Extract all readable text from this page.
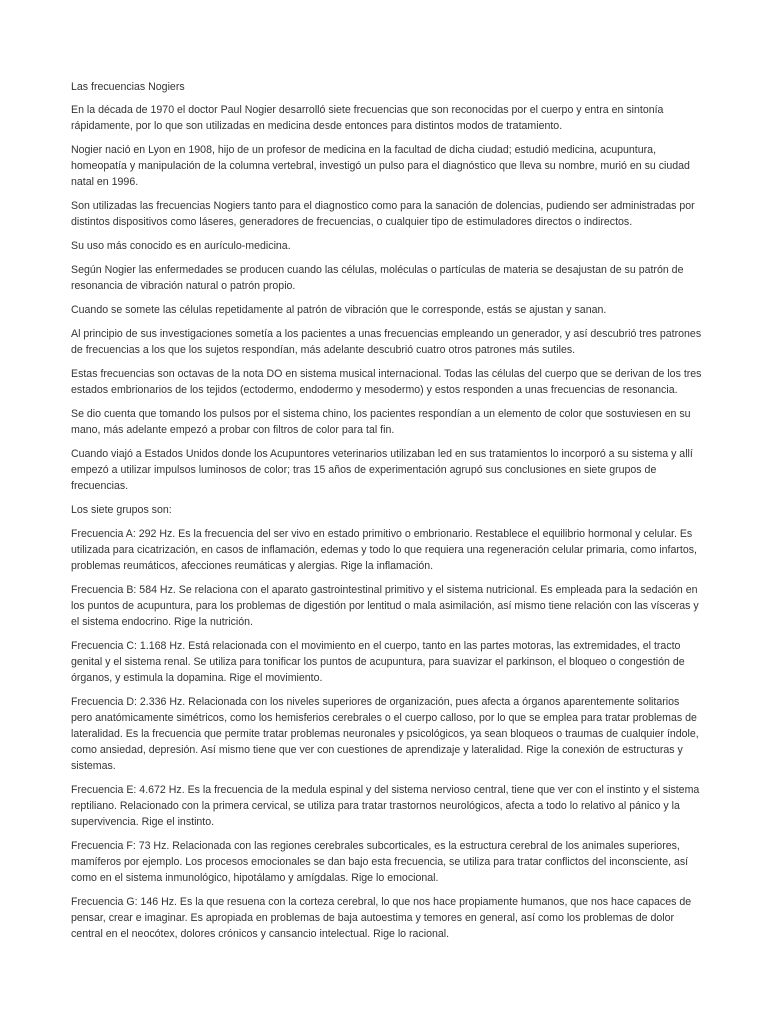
Las frecuencias Nogiers

En la década de 1970 el doctor Paul Nogier desarrolló siete frecuencias que son reconocidas por el cuerpo y entra en sintonía rápidamente, por lo que son utilizadas en medicina desde entonces para distintos modos de tratamiento.

Nogier nació en Lyon en 1908, hijo de un profesor de medicina en la facultad de dicha ciudad; estudió medicina, acupuntura, homeopatía y manipulación de la columna vertebral, investigó un pulso para el diagnóstico que lleva su nombre, murió en su ciudad natal en 1996.

Son utilizadas las frecuencias Nogiers tanto para el diagnostico como para la sanación de dolencias, pudiendo ser administradas por distintos dispositivos como láseres, generadores de frecuencias, o cualquier tipo de estimuladores directos o indirectos.

Su uso más conocido es en aurículo-medicina.

Según Nogier las enfermedades se producen cuando las células, moléculas o partículas de materia se desajustan de su patrón de resonancia de vibración natural o patrón propio.

Cuando se somete las células repetidamente al patrón de vibración que le corresponde, estás se ajustan y sanan.

Al principio de sus investigaciones sometía a los pacientes a unas frecuencias empleando un generador, y así descubrió tres patrones de frecuencias a los que los sujetos respondían, más adelante descubrió cuatro otros patrones más sutiles.

Estas frecuencias son octavas de la nota DO en sistema musical internacional. Todas las células del cuerpo que se derivan de los tres estados embrionarios de los tejidos (ectodermo, endodermo y mesodermo) y estos responden a unas frecuencias de resonancia.

Se dio cuenta que tomando los pulsos por el sistema chino, los pacientes respondían a un elemento de color que sostuviesen en su mano, más adelante empezó a probar con filtros de color para tal fin.

Cuando viajó a Estados Unidos donde los Acupuntores veterinarios utilizaban led en sus tratamientos lo incorporó a su sistema y allí empezó a utilizar impulsos luminosos de color; tras 15 años de experimentación agrupó sus conclusiones en siete grupos de frecuencias.

Los siete grupos son:

Frecuencia A: 292 Hz. Es la frecuencia del ser vivo en estado primitivo o embrionario. Restablece el equilibrio hormonal y celular. Es utilizada para cicatrización, en casos de inflamación, edemas y todo lo que requiera una regeneración celular primaria, como infartos, problemas reumáticos, afecciones reumáticas y alergias. Rige la inflamación.

Frecuencia B: 584 Hz. Se relaciona con el aparato gastrointestinal primitivo y el sistema nutricional. Es empleada para la sedación en los puntos de acupuntura, para los problemas de digestión por lentitud o mala asimilación, así mismo tiene relación con las vísceras y el sistema endocrino. Rige la nutrición.

Frecuencia C: 1.168 Hz. Está relacionada con el movimiento en el cuerpo, tanto en las partes motoras, las extremidades, el tracto genital y el sistema renal. Se utiliza para tonificar los puntos de acupuntura, para suavizar el parkinson, el bloqueo o congestión de órganos, y estimula la dopamina. Rige el movimiento.

Frecuencia D: 2.336 Hz. Relacionada con los niveles superiores de organización, pues afecta a órganos aparentemente solitarios pero anatómicamente simétricos, como los hemisferios cerebrales o el cuerpo calloso, por lo que se emplea para tratar problemas de lateralidad. Es la frecuencia que permite tratar problemas neuronales y psicológicos, ya sean bloqueos o traumas de cualquier índole, como ansiedad, depresión. Así mismo tiene que ver con cuestiones de aprendizaje y lateralidad. Rige la conexión de estructuras y sistemas.

Frecuencia E: 4.672 Hz. Es la frecuencia de la medula espinal y del sistema nervioso central, tiene que ver con el instinto y el sistema reptiliano. Relacionado con la primera cervical, se utiliza para tratar trastornos neurológicos, afecta a todo lo relativo al pánico y la supervivencia. Rige el instinto.

Frecuencia F: 73 Hz. Relacionada con las regiones cerebrales subcorticales, es la estructura cerebral de los animales superiores, mamíferos por ejemplo. Los procesos emocionales se dan bajo esta frecuencia, se utiliza para tratar conflictos del inconsciente, así como en el sistema inmunológico, hipotálamo y amígdalas. Rige lo emocional.

Frecuencia G: 146 Hz. Es la que resuena con la corteza cerebral, lo que nos hace propiamente humanos, que nos hace capaces de pensar, crear e imaginar. Es apropiada en problemas de baja autoestima y temores en general, así como los problemas de dolor central en el neocótex, dolores crónicos y cansancio intelectual. Rige lo racional.
